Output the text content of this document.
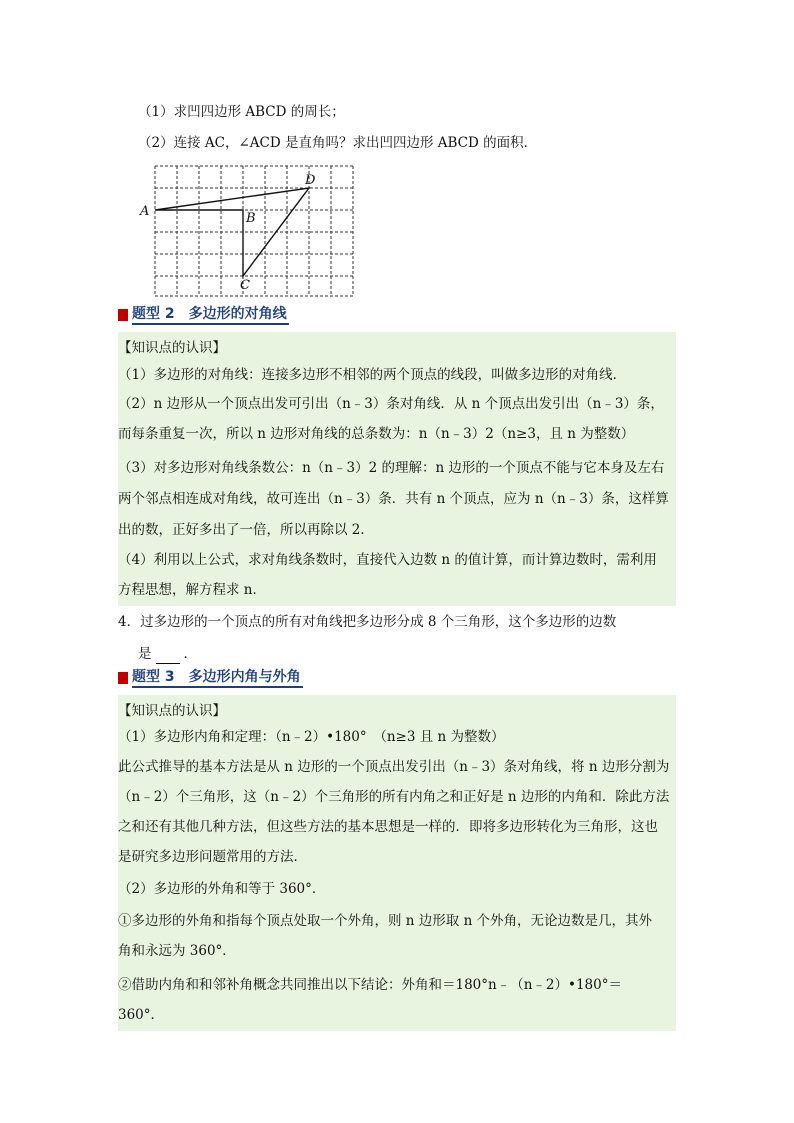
（1）求凹四边形 ABCD 的周长；
（2）连接 AC，∠ACD 是直角吗？求出凹四边形 ABCD 的面积．
A	B
C
D
题型 2　多边形的对角线
【知识点的认识】
（1）多边形的对角线：连接多边形不相邻的两个顶点的线段，叫做多边形的对角线．
（2）n 边形从一个顶点出发可引出（n﹣3）条对角线．从 n 个顶点出发引出（n﹣3）条，
而每条重复一次，所以 n 边形对角线的总条数为：n（n﹣3）2（n≥3，且 n 为整数）
（3）对多边形对角线条数公：n（n﹣3）2 的理解：n 边形的一个顶点不能与它本身及左右
两个邻点相连成对角线，故可连出（n﹣3）条．共有 n 个顶点，应为 n（n﹣3）条，这样算
出的数，正好多出了一倍，所以再除以 2．
（4）利用以上公式，求对角线条数时，直接代入边数 n 的值计算，而计算边数时，需利用
方程思想，解方程求 n．
4．过多边形的一个顶点的所有对角线把多边形分成 8 个三角形，这个多边形的边数
是 ．
题型 3　多边形内角与外角
【知识点的认识】
（1）多边形内角和定理：（n﹣2）•180°　（n≥3 且 n 为整数）
此公式推导的基本方法是从 n 边形的一个顶点出发引出（n﹣3）条对角线，将 n 边形分割为
（n﹣2）个三角形，这（n﹣2）个三角形的所有内角之和正好是 n 边形的内角和．除此方法
之和还有其他几种方法，但这些方法的基本思想是一样的．即将多边形转化为三角形，这也
是研究多边形问题常用的方法．
（2）多边形的外角和等于 360°．
①多边形的外角和指每个顶点处取一个外角，则 n 边形取 n 个外角，无论边数是几，其外
角和永远为 360°．
②借助内角和和邻补角概念共同推出以下结论：外角和＝180°n﹣（n﹣2）•180°＝
360°．
